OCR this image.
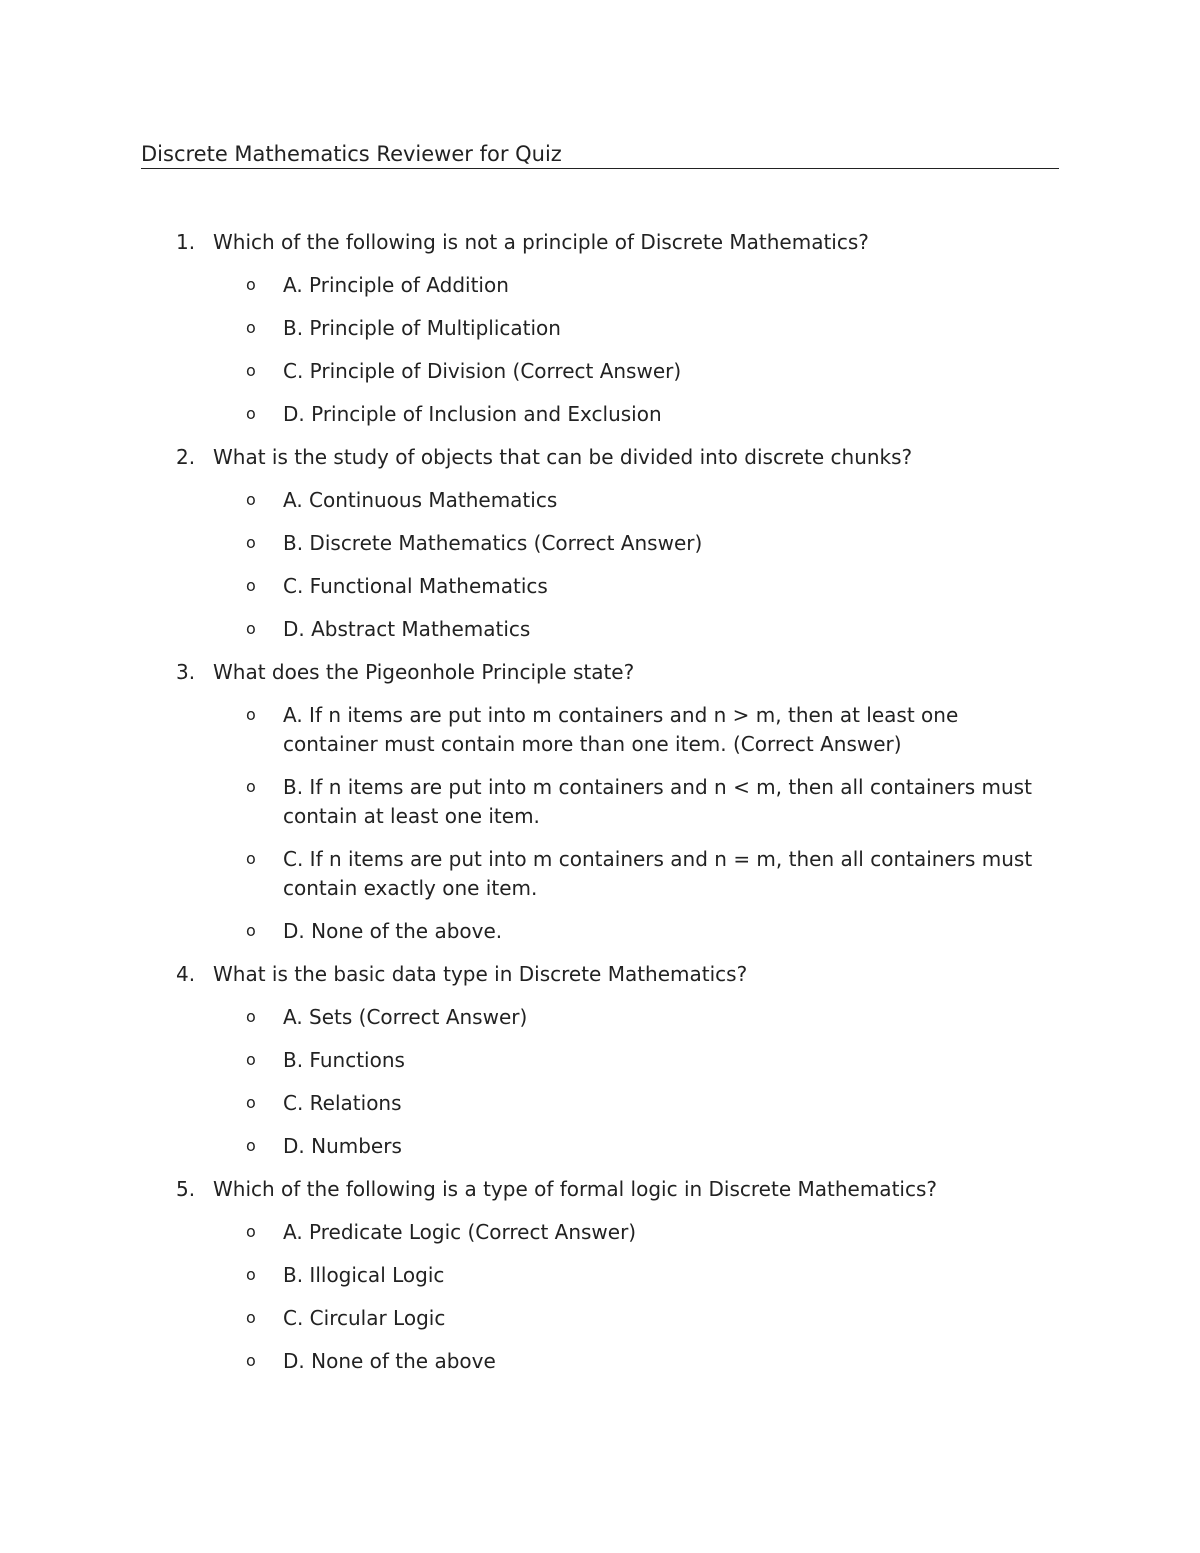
Discrete Mathematics Reviewer for Quiz
1. Which of the following is not a principle of Discrete Mathematics?
o A. Principle of Addition
o B. Principle of Multiplication
o C. Principle of Division (Correct Answer)
o D. Principle of Inclusion and Exclusion
2. What is the study of objects that can be divided into discrete chunks?
o A. Continuous Mathematics
o B. Discrete Mathematics (Correct Answer)
o C. Functional Mathematics
o D. Abstract Mathematics
3. What does the Pigeonhole Principle state?
o A. If n items are put into m containers and n > m, then at least one container must contain more than one item. (Correct Answer)
o B. If n items are put into m containers and n < m, then all containers must contain at least one item.
o C. If n items are put into m containers and n = m, then all containers must contain exactly one item.
o D. None of the above.
4. What is the basic data type in Discrete Mathematics?
o A. Sets (Correct Answer)
o B. Functions
o C. Relations
o D. Numbers
5. Which of the following is a type of formal logic in Discrete Mathematics?
o A. Predicate Logic (Correct Answer)
o B. Illogical Logic
o C. Circular Logic
o D. None of the above
